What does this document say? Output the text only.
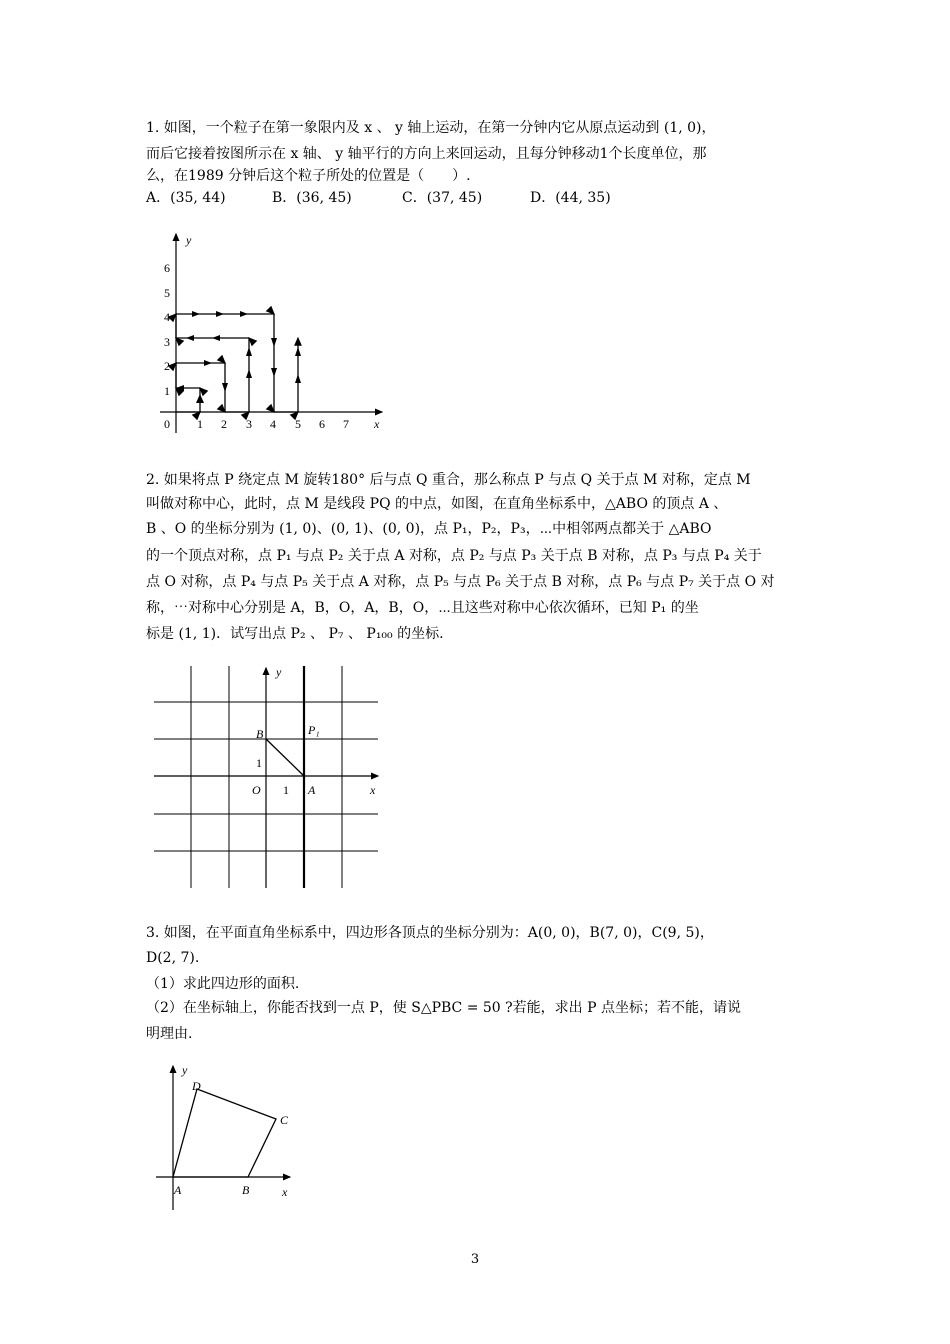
1. 如图，一个粒子在第一象限内及 x 、 y 轴上运动，在第一分钟内它从原点运动到 (1, 0)，
而后它接着按图所示在 x 轴、 y 轴平行的方向上来回运动，且每分钟移动1个长度单位，那
么，在1989 分钟后这个粒子所处的位置是（　　）.
A．(35, 44)	B．(36, 45)	C．(37, 45)	D．(44, 35)
y
x
0
1
2
3
4
5
6
1 2 3 4 5 6 7
2. 如果将点 P 绕定点 M 旋转180° 后与点 Q 重合，那么称点 P 与点 Q 关于点 M 对称，定点 M
叫做对称中心，此时，点 M 是线段 PQ 的中点，如图，在直角坐标系中，△ABO 的顶点 A 、
B 、O 的坐标分别为 (1, 0)、(0, 1)、(0, 0)，点 P₁，P₂，P₃，⋯中相邻两点都关于 △ABO
的一个顶点对称，点 P₁ 与点 P₂ 关于点 A 对称，点 P₂ 与点 P₃ 关于点 B 对称，点 P₃ 与点 P₄ 关于
点 O 对称，点 P₄ 与点 P₅ 关于点 A 对称，点 P₅ 与点 P₆ 关于点 B 对称，点 P₆ 与点 P₇ 关于点 O 对
称，⋯对称中心分别是 A，B，O，A，B，O，⋯且这些对称中心依次循环，已知 P₁ 的坐
标是 (1, 1)．试写出点 P₂ 、 P₇ 、 P₁₀₀ 的坐标.
y
x
B	P₁
1
O 1 A
3. 如图，在平面直角坐标系中，四边形各顶点的坐标分别为：A(0, 0)，B(7, 0)，C(9, 5)，
D(2, 7).
（1）求此四边形的面积.
（2）在坐标轴上，你能否找到一点 P，使 S△PBC = 50 ?若能，求出 P 点坐标；若不能，请说
明理由.
y
x
A	B
C
D
3
